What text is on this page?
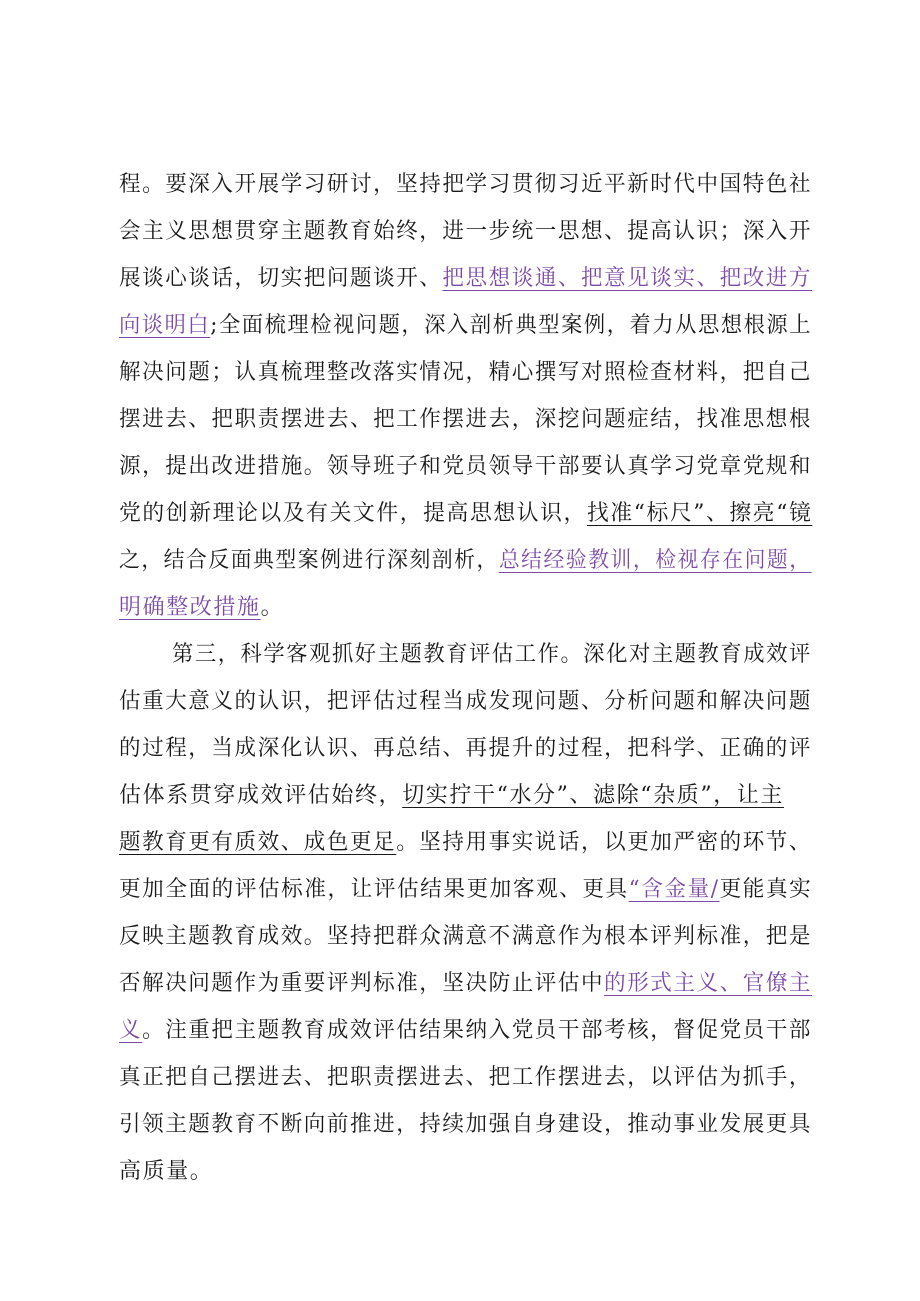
程。要深入开展学习研讨，坚持把学习贯彻习近平新时代中国特色社
会主义思想贯穿主题教育始终，进一步统一思想、提高认识；深入开
展谈心谈话，切实把问题谈开、把思想谈通、把意见谈实、把改进方
向谈明白;全面梳理检视问题，深入剖析典型案例，着力从思想根源上
解决问题；认真梳理整改落实情况，精心撰写对照检查材料，把自己
摆进去、把职责摆进去、把工作摆进去，深挖问题症结，找准思想根
源，提出改进措施。领导班子和党员领导干部要认真学习党章党规和
党的创新理论以及有关文件，提高思想认识，找准“标尺”、擦亮“镜
之，结合反面典型案例进行深刻剖析，总结经验教训，检视存在问题，
明确整改措施。
第三，科学客观抓好主题教育评估工作。深化对主题教育成效评
估重大意义的认识，把评估过程当成发现问题、分析问题和解决问题
的过程，当成深化认识、再总结、再提升的过程，把科学、正确的评
估体系贯穿成效评估始终，切实拧干“水分”、滤除“杂质”，让主
题教育更有质效、成色更足。坚持用事实说话，以更加严密的环节、
更加全面的评估标准，让评估结果更加客观、更具“含金量/更能真实
反映主题教育成效。坚持把群众满意不满意作为根本评判标准，把是
否解决问题作为重要评判标准，坚决防止评估中的形式主义、官僚主
义。注重把主题教育成效评估结果纳入党员干部考核，督促党员干部
真正把自己摆进去、把职责摆进去、把工作摆进去，以评估为抓手，
引领主题教育不断向前推进，持续加强自身建设，推动事业发展更具
高质量。
